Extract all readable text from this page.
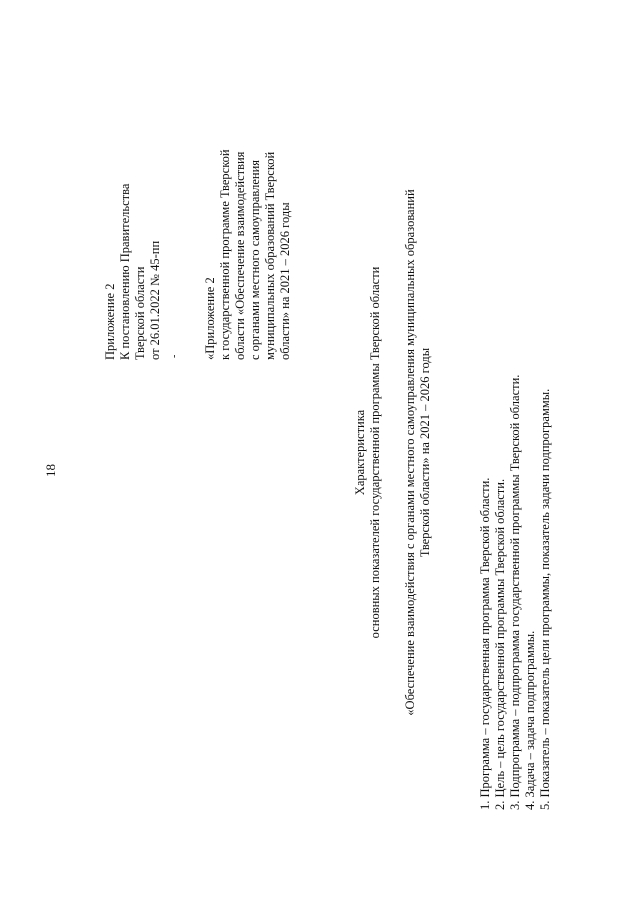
18
Приложение 2 К постановлению Правительства Тверской области от 26.01.2022 № 45-пп - «Приложение 2 к государственной программе Тверской области «Обеспечение взаимодействия с органами местного самоуправления муниципальных образований Тверской области» на 2021 – 2026 годы
Характеристика основных показателей государственной программы Тверской области «Обеспечение взаимодействия с органами местного самоуправления муниципальных образований Тверской области» на 2021 – 2026 годы
1. Программа – государственная программа Тверской области. 2. Цель – цель государственной программы Тверской области. 3. Подпрограмма – подпрограмма государственной программы Тверской области. 4. Задача – задача подпрограммы. 5. Показатель – показатель цели программы, показатель задачи подпрограммы.
